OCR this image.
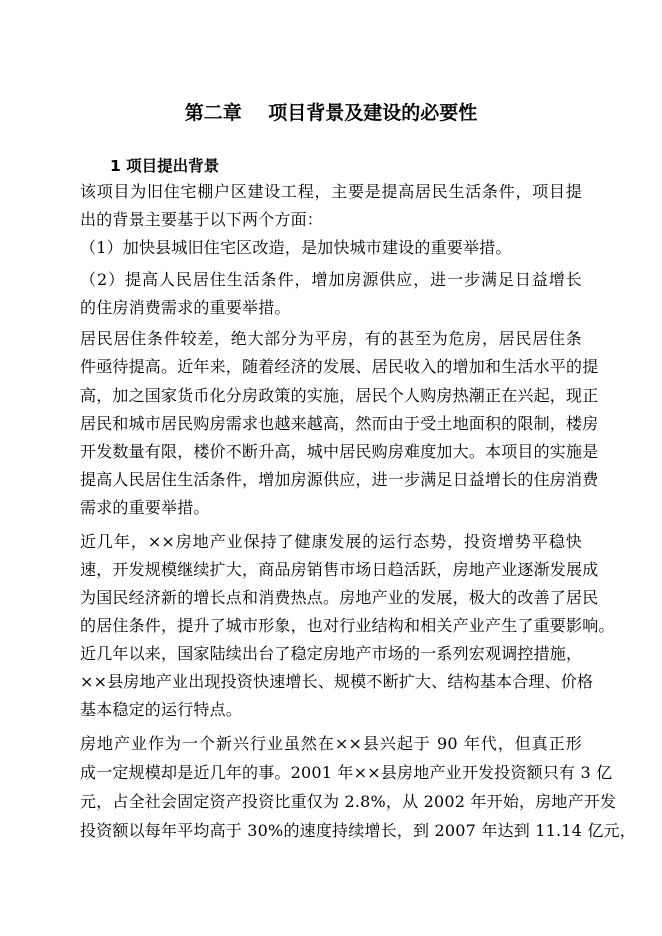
第二章    项目背景及建设的必要性
1 项目提出背景
该项目为旧住宅棚户区建设工程，主要是提高居民生活条件，项目提
出的背景主要基于以下两个方面：
（1）加快县城旧住宅区改造，是加快城市建设的重要举措。
（2）提高人民居住生活条件，增加房源供应，进一步满足日益增长
的住房消费需求的重要举措。
居民居住条件较差，绝大部分为平房，有的甚至为危房，居民居住条
件亟待提高。近年来，随着经济的发展、居民收入的增加和生活水平的提
高，加之国家货币化分房政策的实施，居民个人购房热潮正在兴起，现正
居民和城市居民购房需求也越来越高，然而由于受土地面积的限制，楼房
开发数量有限，楼价不断升高，城中居民购房难度加大。本项目的实施是
提高人民居住生活条件，增加房源供应，进一步满足日益增长的住房消费
需求的重要举措。
近几年，××房地产业保持了健康发展的运行态势，投资增势平稳快
速，开发规模继续扩大，商品房销售市场日趋活跃，房地产业逐渐发展成
为国民经济新的增长点和消费热点。房地产业的发展，极大的改善了居民
的居住条件，提升了城市形象，也对行业结构和相关产业产生了重要影响。
近几年以来，国家陆续出台了稳定房地产市场的一系列宏观调控措施，
××县房地产业出现投资快速增长、规模不断扩大、结构基本合理、价格
基本稳定的运行特点。
房地产业作为一个新兴行业虽然在××县兴起于 90 年代，但真正形
成一定规模却是近几年的事。2001 年××县房地产业开发投资额只有 3 亿
元，占全社会固定资产投资比重仅为 2.8%，从 2002 年开始，房地产开发
投资额以每年平均高于 30%的速度持续增长，到 2007 年达到 11.14 亿元，
